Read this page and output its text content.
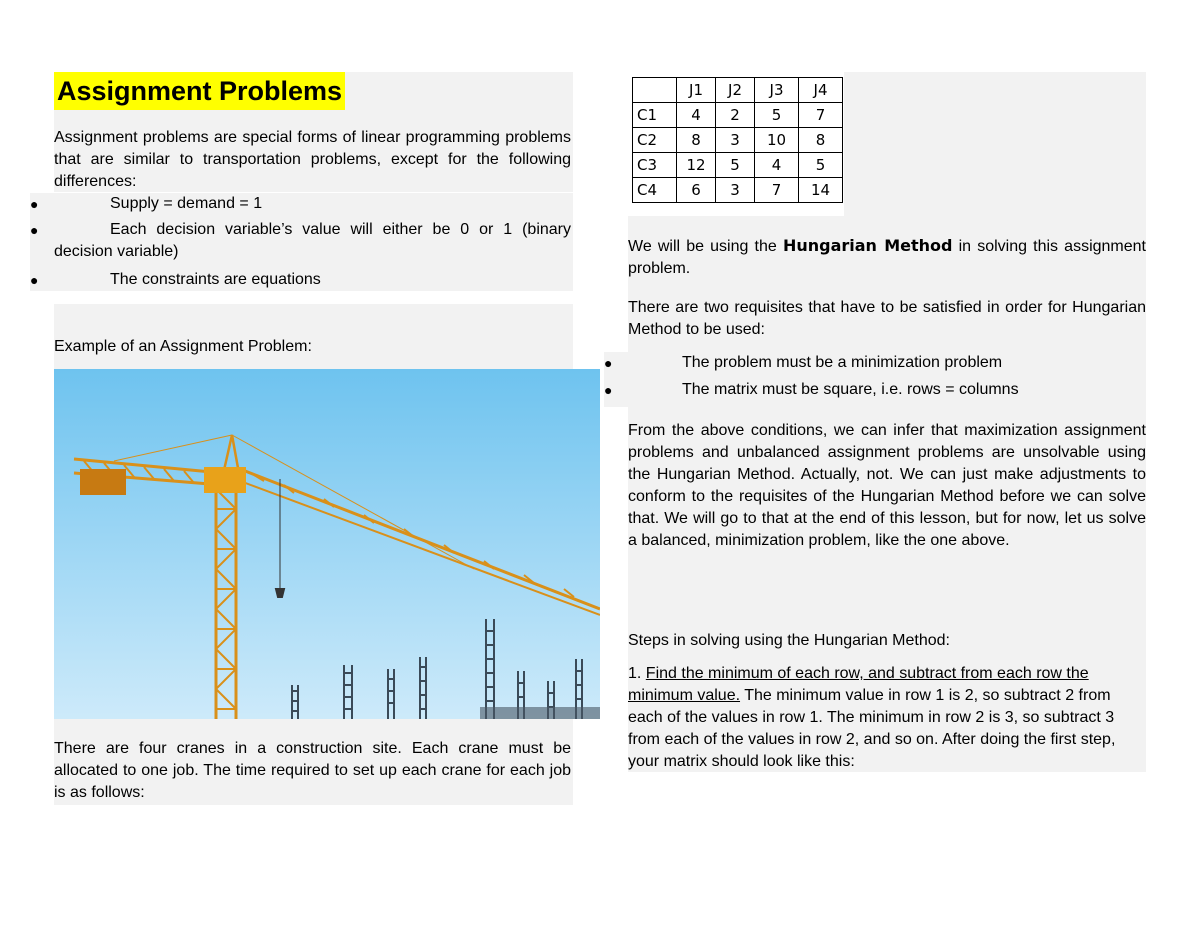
Assignment Problems

Assignment problems are special forms of linear programming problems that are similar to transportation problems, except for the following differences:

●	Supply = demand = 1
●	Each decision variable’s value will either be 0 or 1 (binary decision variable)
●	The constraints are equations
Example of an Assignment Problem:

There are four cranes in a construction site. Each crane must be allocated to one job. The time required to set up each crane for each job is as follows:

	J1	J2	J3	J4
C1	4	2	5	7
C2	8	3	10	8
C3	12	5	4	5
C4	6	3	7	14

We will be using the Hungarian Method in solving this assignment problem.

There are two requisites that have to be satisfied in order for Hungarian Method to be used:

●	The problem must be a minimization problem
●	The matrix must be square, i.e. rows = columns

From the above conditions, we can infer that maximization assignment problems and unbalanced assignment problems are unsolvable using the Hungarian Method. Actually, not. We can just make adjustments to conform to the requisites of the Hungarian Method before we can solve that. We will go to that at the end of this lesson, but for now, let us solve a balanced, minimization problem, like the one above.

Steps in solving using the Hungarian Method:

1. Find the minimum of each row, and subtract from each row the minimum value. The minimum value in row 1 is 2, so subtract 2 from each of the values in row 1. The minimum in row 2 is 3, so subtract 3 from each of the values in row 2, and so on. After doing the first step, your matrix should look like this:
